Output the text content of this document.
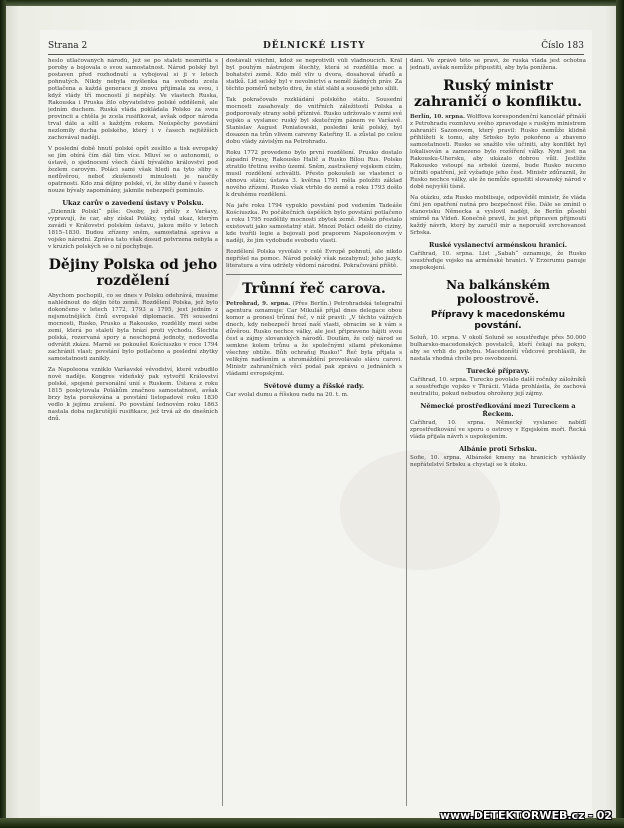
Strana 2	DĚLNICKÉ LISTY	Číslo 183

heslo utlačovaných národů, jež se po staletí nesmířila s poroby a bojovala o svou samostatnost. Národ polský byl postaven před rozhodnutí a vybojoval si ji v letech pohnutých. Nikdy nebyla myšlenka na svobodu zcela potlačena a každá generace ji znovu přijímala za svou, i když vlády tří mocností jí nepřály. Ve vlastech Ruska, Rakouska i Pruska žilo obyvatelstvo polské odděleně, ale jedním duchem. Ruská vláda pokládala Polsko za svou provincii a chtěla je zcela rusifikovat, avšak odpor národa trval dále a sílil s každým rokem. Neúspěchy povstání nezlomily ducha polského, který i v časech nejtěžších zachovával naději.

V poslední době hnutí polské opět zesílilo a tisk evropský se jím obírá čím dál tím více. Mluví se o autonomii, o ústavě, o sjednocení všech částí bývalého království pod žezlem carovým. Poláci sami však hledí na tyto sliby s nedůvěrou, neboť zkušenosti minulosti je naučily opatrnosti. Kdo zná dějiny polské, ví, že sliby dané v časech nouze bývaly zapomínány, jakmile nebezpečí pominulo.

Ukaz carův o zavedení ústavy v Polsku.

„Dziennik Polski“ píše: Osoby, jež přišly z Varšavy, vypravují, že car, aby získal Poláky, vydal ukaz, kterým zavádí v Království polském ústavu, jakou mělo v letech 1815–1830. Budou zřízeny sněm, samostatná správa a vojsko národní. Zpráva tato však dosud potvrzena nebyla a v kruzích polských se o ní pochybuje.

Dějiny Polska od jeho rozdělení

Abychom pochopili, co se dnes v Polsku odehrává, musíme nahlédnout do dějin této země. Rozdělení Polska, jež bylo dokončeno v letech 1772, 1793 a 1795, jest jedním z nejsmutnějších činů evropské diplomacie. Tři sousední mocnosti, Rusko, Prusko a Rakousko, rozdělily mezi sebe zemi, která po staletí byla hrází proti východu. Šlechta polská, rozervaná spory a neschopná jednoty, nedovedla odvrátit zkázu. Marně se pokoušel Kościuszko v roce 1794 zachránit vlast; povstání bylo potlačeno a poslední zbytky samostatnosti zanikly.

Za Napoleona vzniklo Varšavské vévodství, které vzbudilo nové naděje. Kongres vídeňský pak vytvořil Království polské, spojené personální unií s Ruskem. Ústava z roku 1815 poskytovala Polákům značnou samostatnost, avšak brzy byla porušována a povstání listopadové roku 1830 vedlo k jejímu zrušení. Po povstání lednovém roku 1863 nastala doba nejkrutější rusifikace, jež trvá až do dnešních dnů.

dostávali všichni, kdož se neprotivili vůli vládnoucích. Král byl pouhým nástrojem šlechty, která si rozdělila moc a bohatství země. Kdo měl vliv u dvora, dosahoval úřadů a statků. Lid selský byl v nevolnictví a neměl žádných práv. Za těchto poměrů nebylo divu, že stát slábl a sousedé jeho sílili.

Tak pokračovalo rozkládání polského státu. Sousední mocnosti zasahovaly do vnitřních záležitostí Polska a podporovaly strany sobě příznivé. Rusko udržovalo v zemi své vojsko a vyslanec ruský byl skutečným pánem ve Varšavě. Stanislav August Poniatowski, poslední král polský, byl dosazen na trůn vlivem carevny Kateřiny II. a zůstal po celou dobu vlády závislým na Petrohradu.

Roku 1772 provedeno bylo první rozdělení. Prusko dostalo západní Prusy, Rakousko Halič a Rusko Bílou Rus. Polsko ztratilo třetinu svého území. Sněm, zastrašený vojskem cizím, musil rozdělení schváliti. Přesto pokoušeli se vlastenci o obnovu státu; ústava 3. května 1791 měla položiti základ nového zřízení. Rusko však vtrhlo do země a roku 1793 došlo k druhému rozdělení.

Na jaře roku 1794 vypuklo povstání pod vedením Tadeáše Kościuszka. Po počátečních úspěších bylo povstání potlačeno a roku 1795 rozdělily mocnosti zbytek země. Polsko přestalo existovati jako samostatný stát. Mnozí Poláci odešli do ciziny, kde tvořili legie a bojovali pod praporem Napoleonovým v naději, že jim vydobude svobodu vlasti.

Rozdělení Polska vyvolalo v celé Evropě pohnutí, ale nikdo nepřišel na pomoc. Národ polský však nezahynul; jeho jazyk, literatura a víra udržely vědomí národní. Pokračování příště.

Trůnní řeč carova.

Petrohrad, 9. srpna. (Přes Berlín.) Petrohradská telegrafní agentura oznamuje: Car Mikuláš přijal dnes delegace obou komor a pronesl trůnní řeč, v níž pravil: „V těchto vážných dnech, kdy nebezpečí hrozí naší vlasti, obracím se k vám s důvěrou. Rusko nechce války, ale jest připraveno hájiti svou čest a zájmy slovanských národů. Doufám, že celý národ se semkne kolem trůnu a že společnými silami překonáme všechny obtíže. Bůh ochraňuj Rusko!“ Řeč byla přijata s velikým nadšením a shromáždění provolávalo slávu carovi. Ministr zahraničních věcí podal pak zprávu o jednáních s vládami evropskými.

Světové dumy a říšské rady.

Car svolal dumu a říšskou radu na 20. t. m.

dání. Ve zprávě této se praví, že ruská vláda jest ochotna jednati, avšak nemůže připustiti, aby byla ponížena.

Ruský ministr zahraničí o konfliktu.

Berlín, 10. srpna. Wolffova korespondenční kancelář přináší z Petrohradu rozmluvu svého zpravodaje s ruským ministrem zahraničí Sazonovem, který pravil: Rusko nemůže klidně přihlížeti k tomu, aby Srbsko bylo pokořeno a zbaveno samostatnosti. Rusko se snažilo vše učiniti, aby konflikt byl lokalisován a zamezeno bylo rozšíření války. Nyní jest na Rakousku-Uhersku, aby ukázalo dobrou vůli. Jestliže Rakousko vstoupí na srbské území, bude Rusko nuceno učiniti opatření, jež vyžaduje jeho čest. Ministr zdůraznil, že Rusko nechce války, ale že nemůže opustiti slovanský národ v době nejvyšší tísně.

Na otázku, zda Rusko mobilisuje, odpověděl ministr, že vláda činí jen opatření nutná pro bezpečnost říše. Dále se zmínil o stanovisku Německa a vyslovil naději, že Berlín působí smírně na Vídeň. Konečně pravil, že jest připraven přijmouti každý návrh, který by zaručil mír a neporušil svrchovanost Srbska.

Ruské vyslanectví arménskou hranicí.

Cařihrad, 10. srpna. List „Sabah“ oznamuje, že Rusko soustřeďuje vojsko na arménské hranici. V Erzerumu panuje znepokojení.

Na balkánském poloostrově.
Přípravy k macedonskému povstání.

Soluň, 10. srpna. V okolí Soluně se soustřeďuje přes 50.000 bulharsko-macedonských povstalců, kteří čekají na pokyn, aby se vrhli do pohybu. Macedonští vůdcové prohlásili, že nastala vhodná chvíle pro osvobození.

Turecké přípravy.

Cařihrad, 10. srpna. Turecko povolalo další ročníky záložníků a soustřeďuje vojsko v Thrácii. Vláda prohlásila, že zachová neutralitu, pokud nebudou ohroženy její zájmy.

Německé prostředkování mezi Tureckem a Řeckem.

Cařihrad, 10. srpna. Německý vyslanec nabídl zprostředkování ve sporu o ostrovy v Egejském moři. Řecká vláda přijala návrh s uspokojením.

Albánie proti Srbsku.

Sofie, 10. srpna. Albánské kmeny na hranicích vyhlásily nepřátelství Srbsku a chystají se k útoku.

www.DETEKTORWEB.cz - 02
